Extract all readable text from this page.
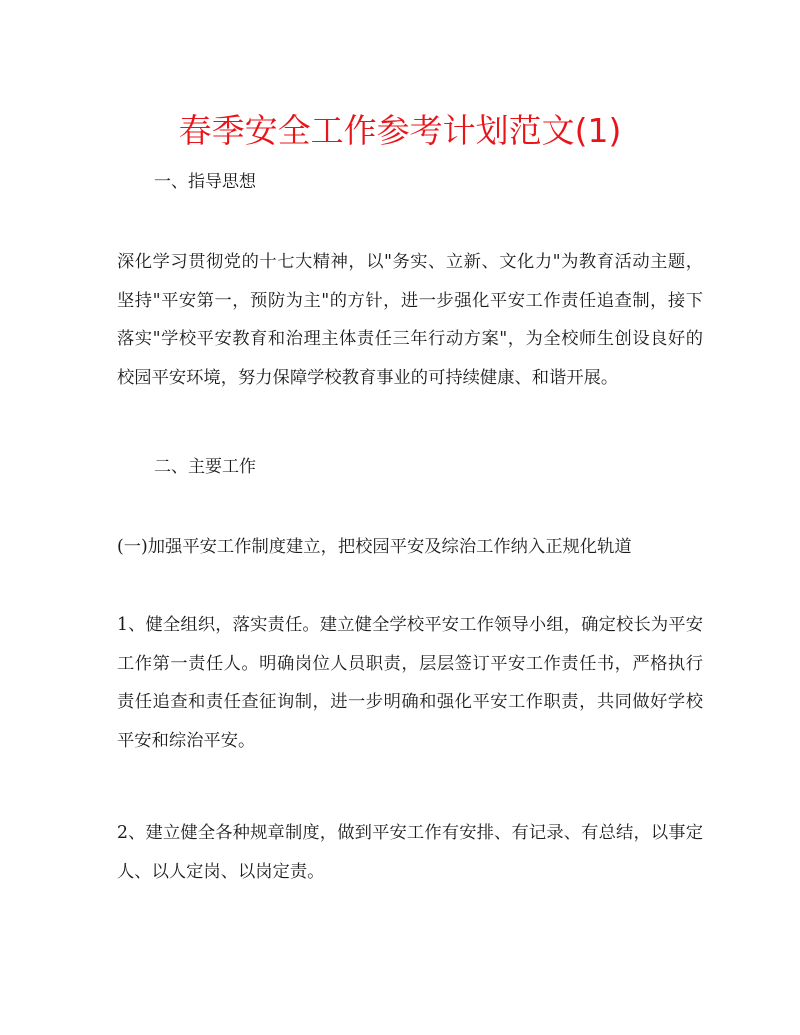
春季安全工作参考计划范文(1)
一、指导思想

深化学习贯彻党的十七大精神，以"务实、立新、文化力"为教育活动主题，坚持"平安第一，预防为主"的方针，进一步强化平安工作责任追查制，接下落实"学校平安教育和治理主体责任三年行动方案"，为全校师生创设良好的校园平安环境，努力保障学校教育事业的可持续健康、和谐开展。

二、主要工作

(一)加强平安工作制度建立，把校园平安及综治工作纳入正规化轨道

1、健全组织，落实责任。建立健全学校平安工作领导小组，确定校长为平安工作第一责任人。明确岗位人员职责，层层签订平安工作责任书，严格执行责任追查和责任查征询制，进一步明确和强化平安工作职责，共同做好学校平安和综治平安。

2、建立健全各种规章制度，做到平安工作有安排、有记录、有总结，以事定人、以人定岗、以岗定责。
